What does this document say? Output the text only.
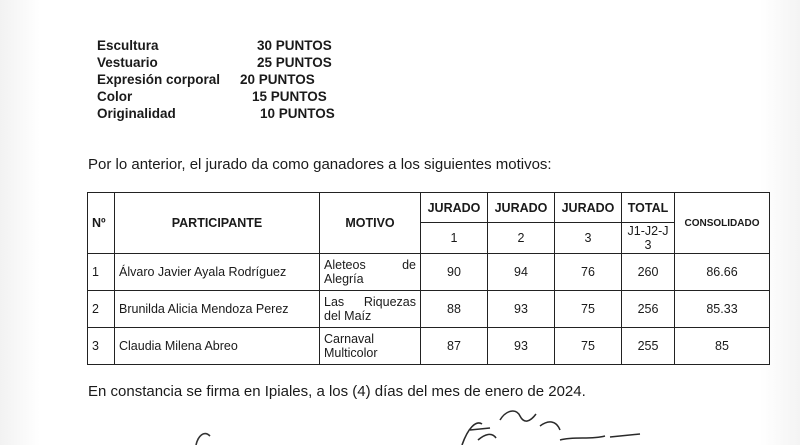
Escultura	30 PUNTOS
Vestuario	25 PUNTOS
Expresión corporal 20 PUNTOS
Color	15 PUNTOS
Originalidad	10 PUNTOS
Por lo anterior, el jurado da como ganadores a los siguientes motivos:
Nº	PARTICIPANTE	MOTIVO	JURADO	JURADO	JURADO	TOTAL	CONSOLIDADO
			1	2	3	J1-J2-J3	
1	Álvaro Javier Ayala Rodríguez	Aleteos de Alegría	90	94	76	260	86.66
2	Brunilda Alicia Mendoza Perez	Las Riquezas del Maíz	88	93	75	256	85.33
3	Claudia Milena Abreo	Carnaval Multicolor	87	93	75	255	85
En constancia se firma en Ipiales, a los (4) días del mes de enero de 2024.
